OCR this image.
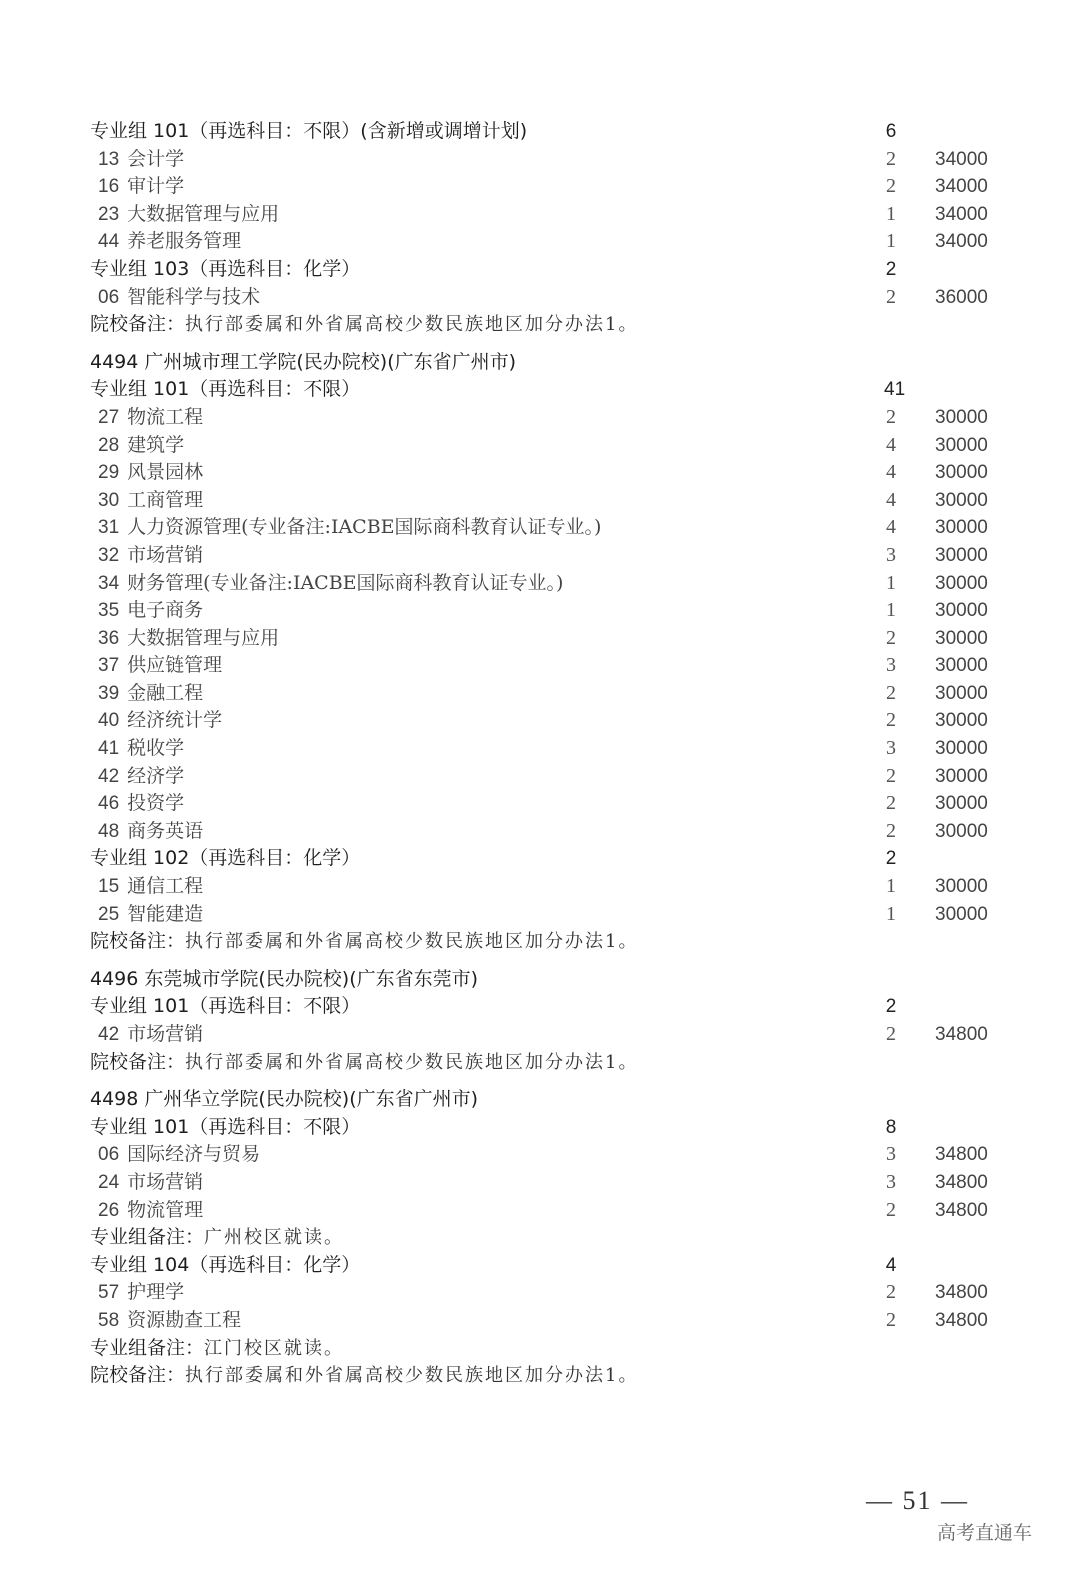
专业组 101（再选科目：不限）(含新增或调增计划)	6
13 会计学	2 34000
16 审计学	2 34000
23 大数据管理与应用	1 34000
44 养老服务管理	1 34000
专业组 103（再选科目：化学）	2
06 智能科学与技术	2 36000
院校备注：执行部委属和外省属高校少数民族地区加分办法1。
4494 广州城市理工学院(民办院校)(广东省广州市)
专业组 101（再选科目：不限）	41
27 物流工程	2 30000
28 建筑学	4 30000
29 风景园林	4 30000
30 工商管理	4 30000
31 人力资源管理(专业备注:IACBE国际商科教育认证专业。)	4 30000
32 市场营销	3 30000
34 财务管理(专业备注:IACBE国际商科教育认证专业。)	1 30000
35 电子商务	1 30000
36 大数据管理与应用	2 30000
37 供应链管理	3 30000
39 金融工程	2 30000
40 经济统计学	2 30000
41 税收学	3 30000
42 经济学	2 30000
46 投资学	2 30000
48 商务英语	2 30000
专业组 102（再选科目：化学）	2
15 通信工程	1 30000
25 智能建造	1 30000
院校备注：执行部委属和外省属高校少数民族地区加分办法1。
4496 东莞城市学院(民办院校)(广东省东莞市)
专业组 101（再选科目：不限）	2
42 市场营销	2 34800
院校备注：执行部委属和外省属高校少数民族地区加分办法1。
4498 广州华立学院(民办院校)(广东省广州市)
专业组 101（再选科目：不限）	8
06 国际经济与贸易	3 34800
24 市场营销	3 34800
26 物流管理	2 34800
专业组备注：广州校区就读。
专业组 104（再选科目：化学）	4
57 护理学	2 34800
58 资源勘查工程	2 34800
专业组备注：江门校区就读。
院校备注：执行部委属和外省属高校少数民族地区加分办法1。
— 51 —
高考直通车
